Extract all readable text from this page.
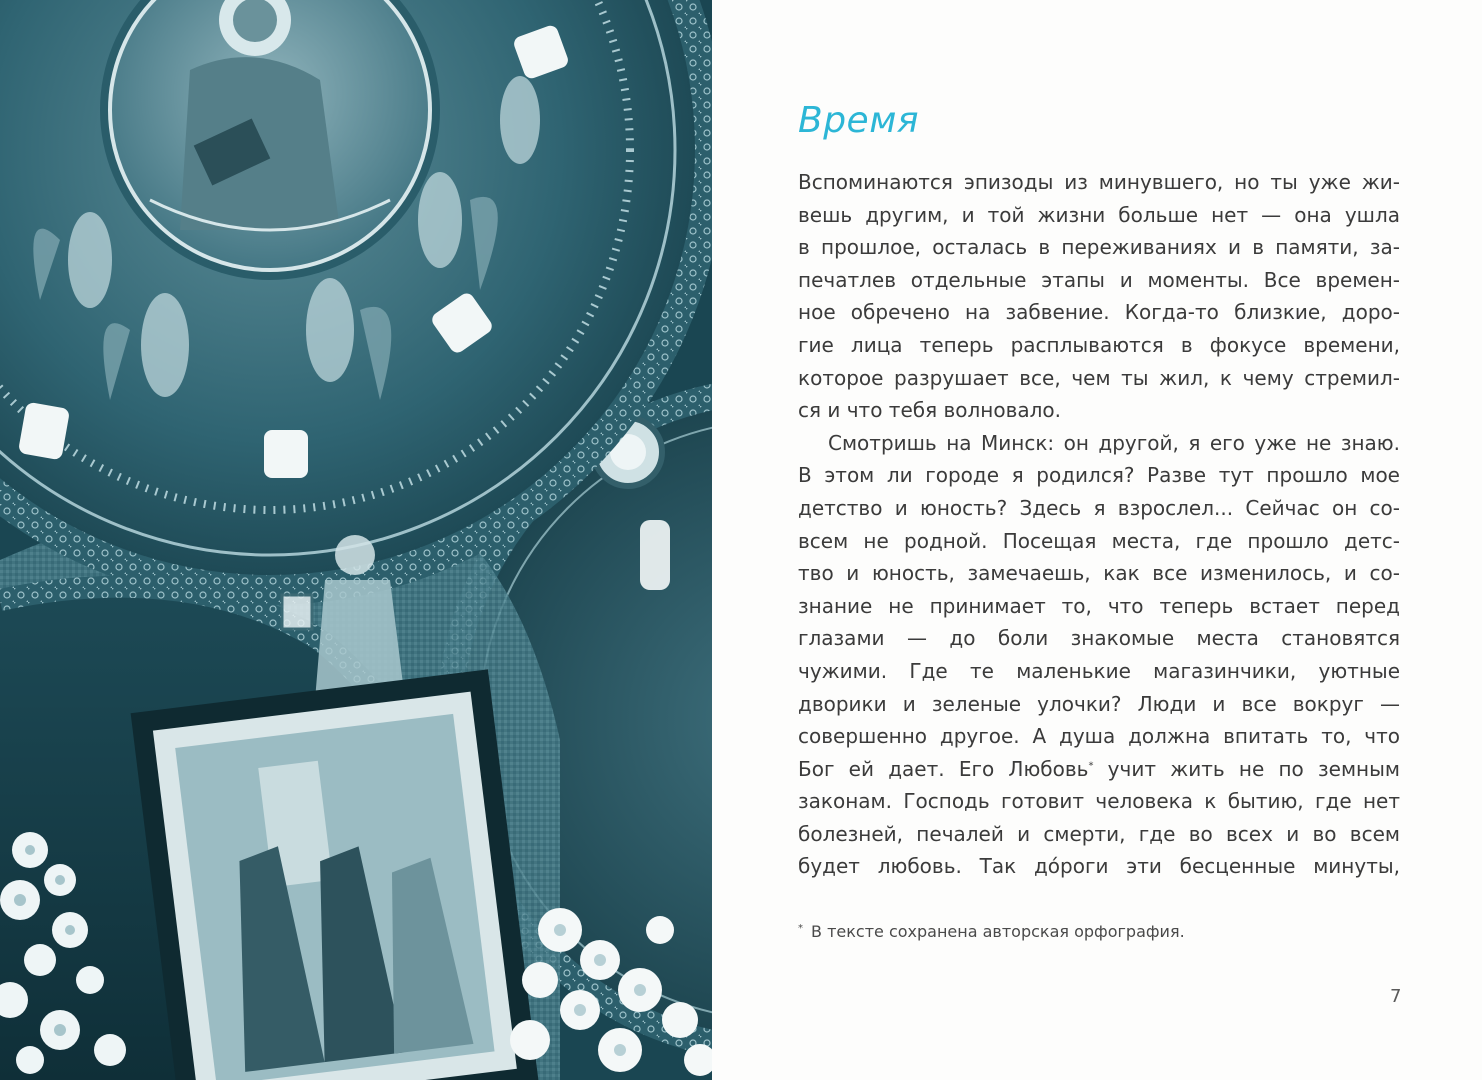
Время
Вспоминаются эпизоды из минувшего, но ты уже жи-
вешь другим, и той жизни больше нет — она ушла
в прошлое, осталась в переживаниях и в памяти, за-
печатлев отдельные этапы и моменты. Все времен-
ное обречено на забвение. Когда-то близкие, доро-
гие лица теперь расплываются в фокусе времени,
которое разрушает все, чем ты жил, к чему стремил-
ся и что тебя волновало.
Смотришь на Минск: он другой, я его уже не знаю.
В этом ли городе я родился? Разве тут прошло мое
детство и юность? Здесь я взрослел... Сейчас он со-
всем не родной. Посещая места, где прошло детс-
тво и юность, замечаешь, как все изменилось, и со-
знание не принимает то, что теперь встает перед
глазами — до боли знакомые места становятся
чужими. Где те маленькие магазинчики, уютные
дворики и зеленые улочки? Люди и все вокруг —
совершенно другое. А душа должна впитать то, что
Бог ей дает. Его Любовь* учит жить не по земным
законам. Господь готовит человека к бытию, где нет
болезней, печалей и смерти, где во всех и во всем
будет любовь. Так до́роги эти бесценные минуты,
* В тексте сохранена авторская орфография.
7
